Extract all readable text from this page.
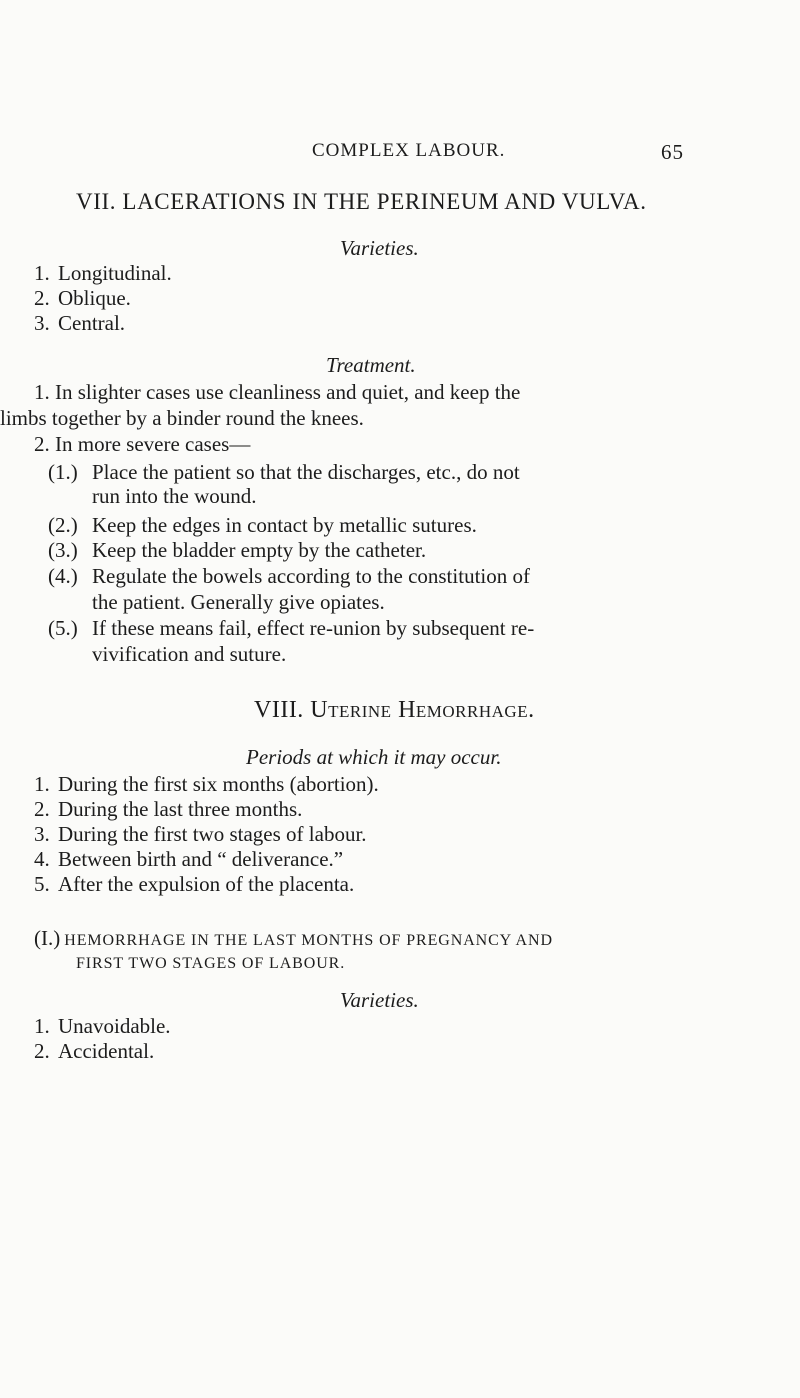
COMPLEX LABOUR.	65
VII. LACERATIONS IN THE PERINEUM AND VULVA.
Varieties.
1. Longitudinal.
2. Oblique.
3. Central.
Treatment.
1. In slighter cases use cleanliness and quiet, and keep the
limbs together by a binder round the knees.
2. In more severe cases—
(1.) Place the patient so that the discharges, etc., do not
run into the wound.
(2.) Keep the edges in contact by metallic sutures.
(3.) Keep the bladder empty by the catheter.
(4.) Regulate the bowels according to the constitution of
the patient. Generally give opiates.
(5.) If these means fail, effect re-union by subsequent re-
vivification and suture.
VIII. Uterine Hemorrhage.
Periods at which it may occur.
1. During the first six months (abortion).
2. During the last three months.
3. During the first two stages of labour.
4. Between birth and “ deliverance.”
5. After the expulsion of the placenta.
(I.) HEMORRHAGE IN THE LAST MONTHS OF PREGNANCY AND
FIRST TWO STAGES OF LABOUR.
Varieties.
1. Unavoidable.
2. Accidental.
